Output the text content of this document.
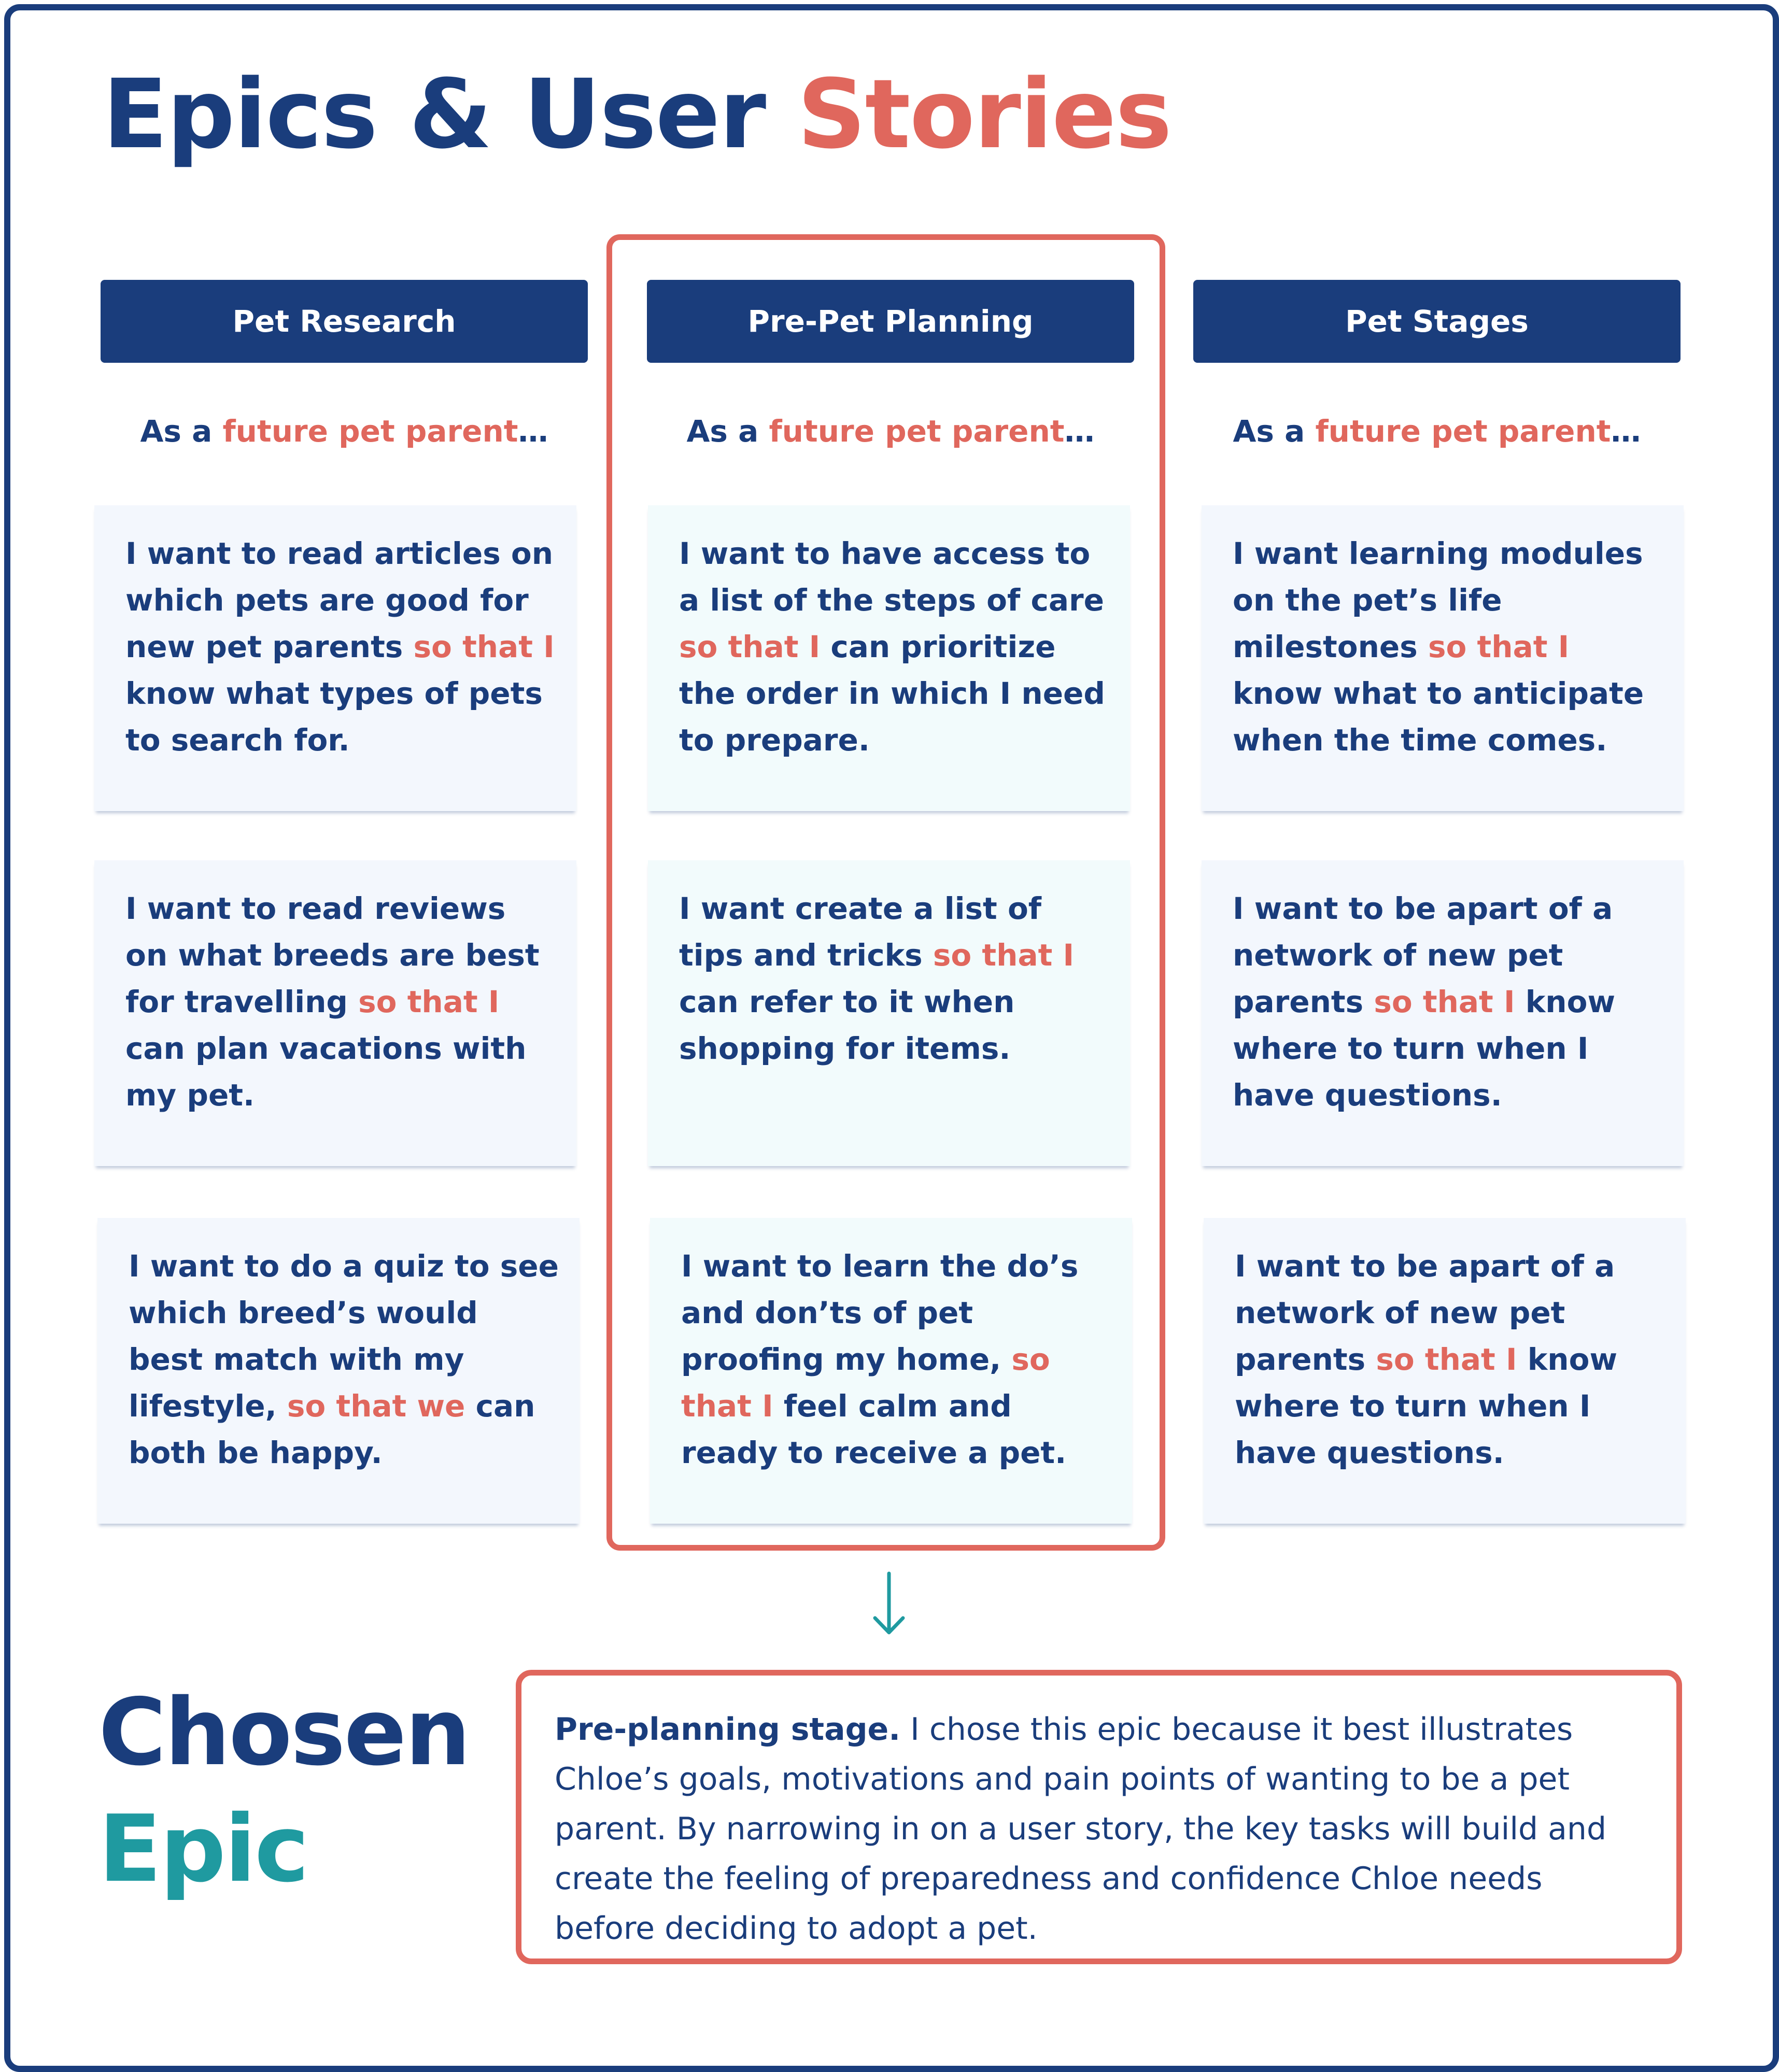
Epics & User Stories
Pet Research
As a future pet parent…
I want to read articles on which pets are good for new pet parents so that I know what types of pets to search for.
I want to read reviews on what breeds are best for travelling so that I can plan vacations with my pet.
I want to do a quiz to see which breed’s would best match with my lifestyle, so that we can both be happy.
Pre-Pet Planning
As a future pet parent…
I want to have access to a list of the steps of care so that I can prioritize the order in which I need to prepare.
I want create a list of tips and tricks so that I can refer to it when shopping for items.
I want to learn the do’s and don’ts of pet proofing my home, so that I feel calm and ready to receive a pet.
Pet Stages
As a future pet parent…
I want learning modules on the pet’s life milestones so that I know what to anticipate when the time comes.
I want to be apart of a network of new pet parents so that I know where to turn when I have questions.
I want to be apart of a network of new pet parents so that I know where to turn when I have questions.
Chosen
Epic
Pre-planning stage. I chose this epic because it best illustrates Chloe’s goals, motivations and pain points of wanting to be a pet parent. By narrowing in on a user story, the key tasks will build and create the feeling of preparedness and confidence Chloe needs before deciding to adopt a pet.
